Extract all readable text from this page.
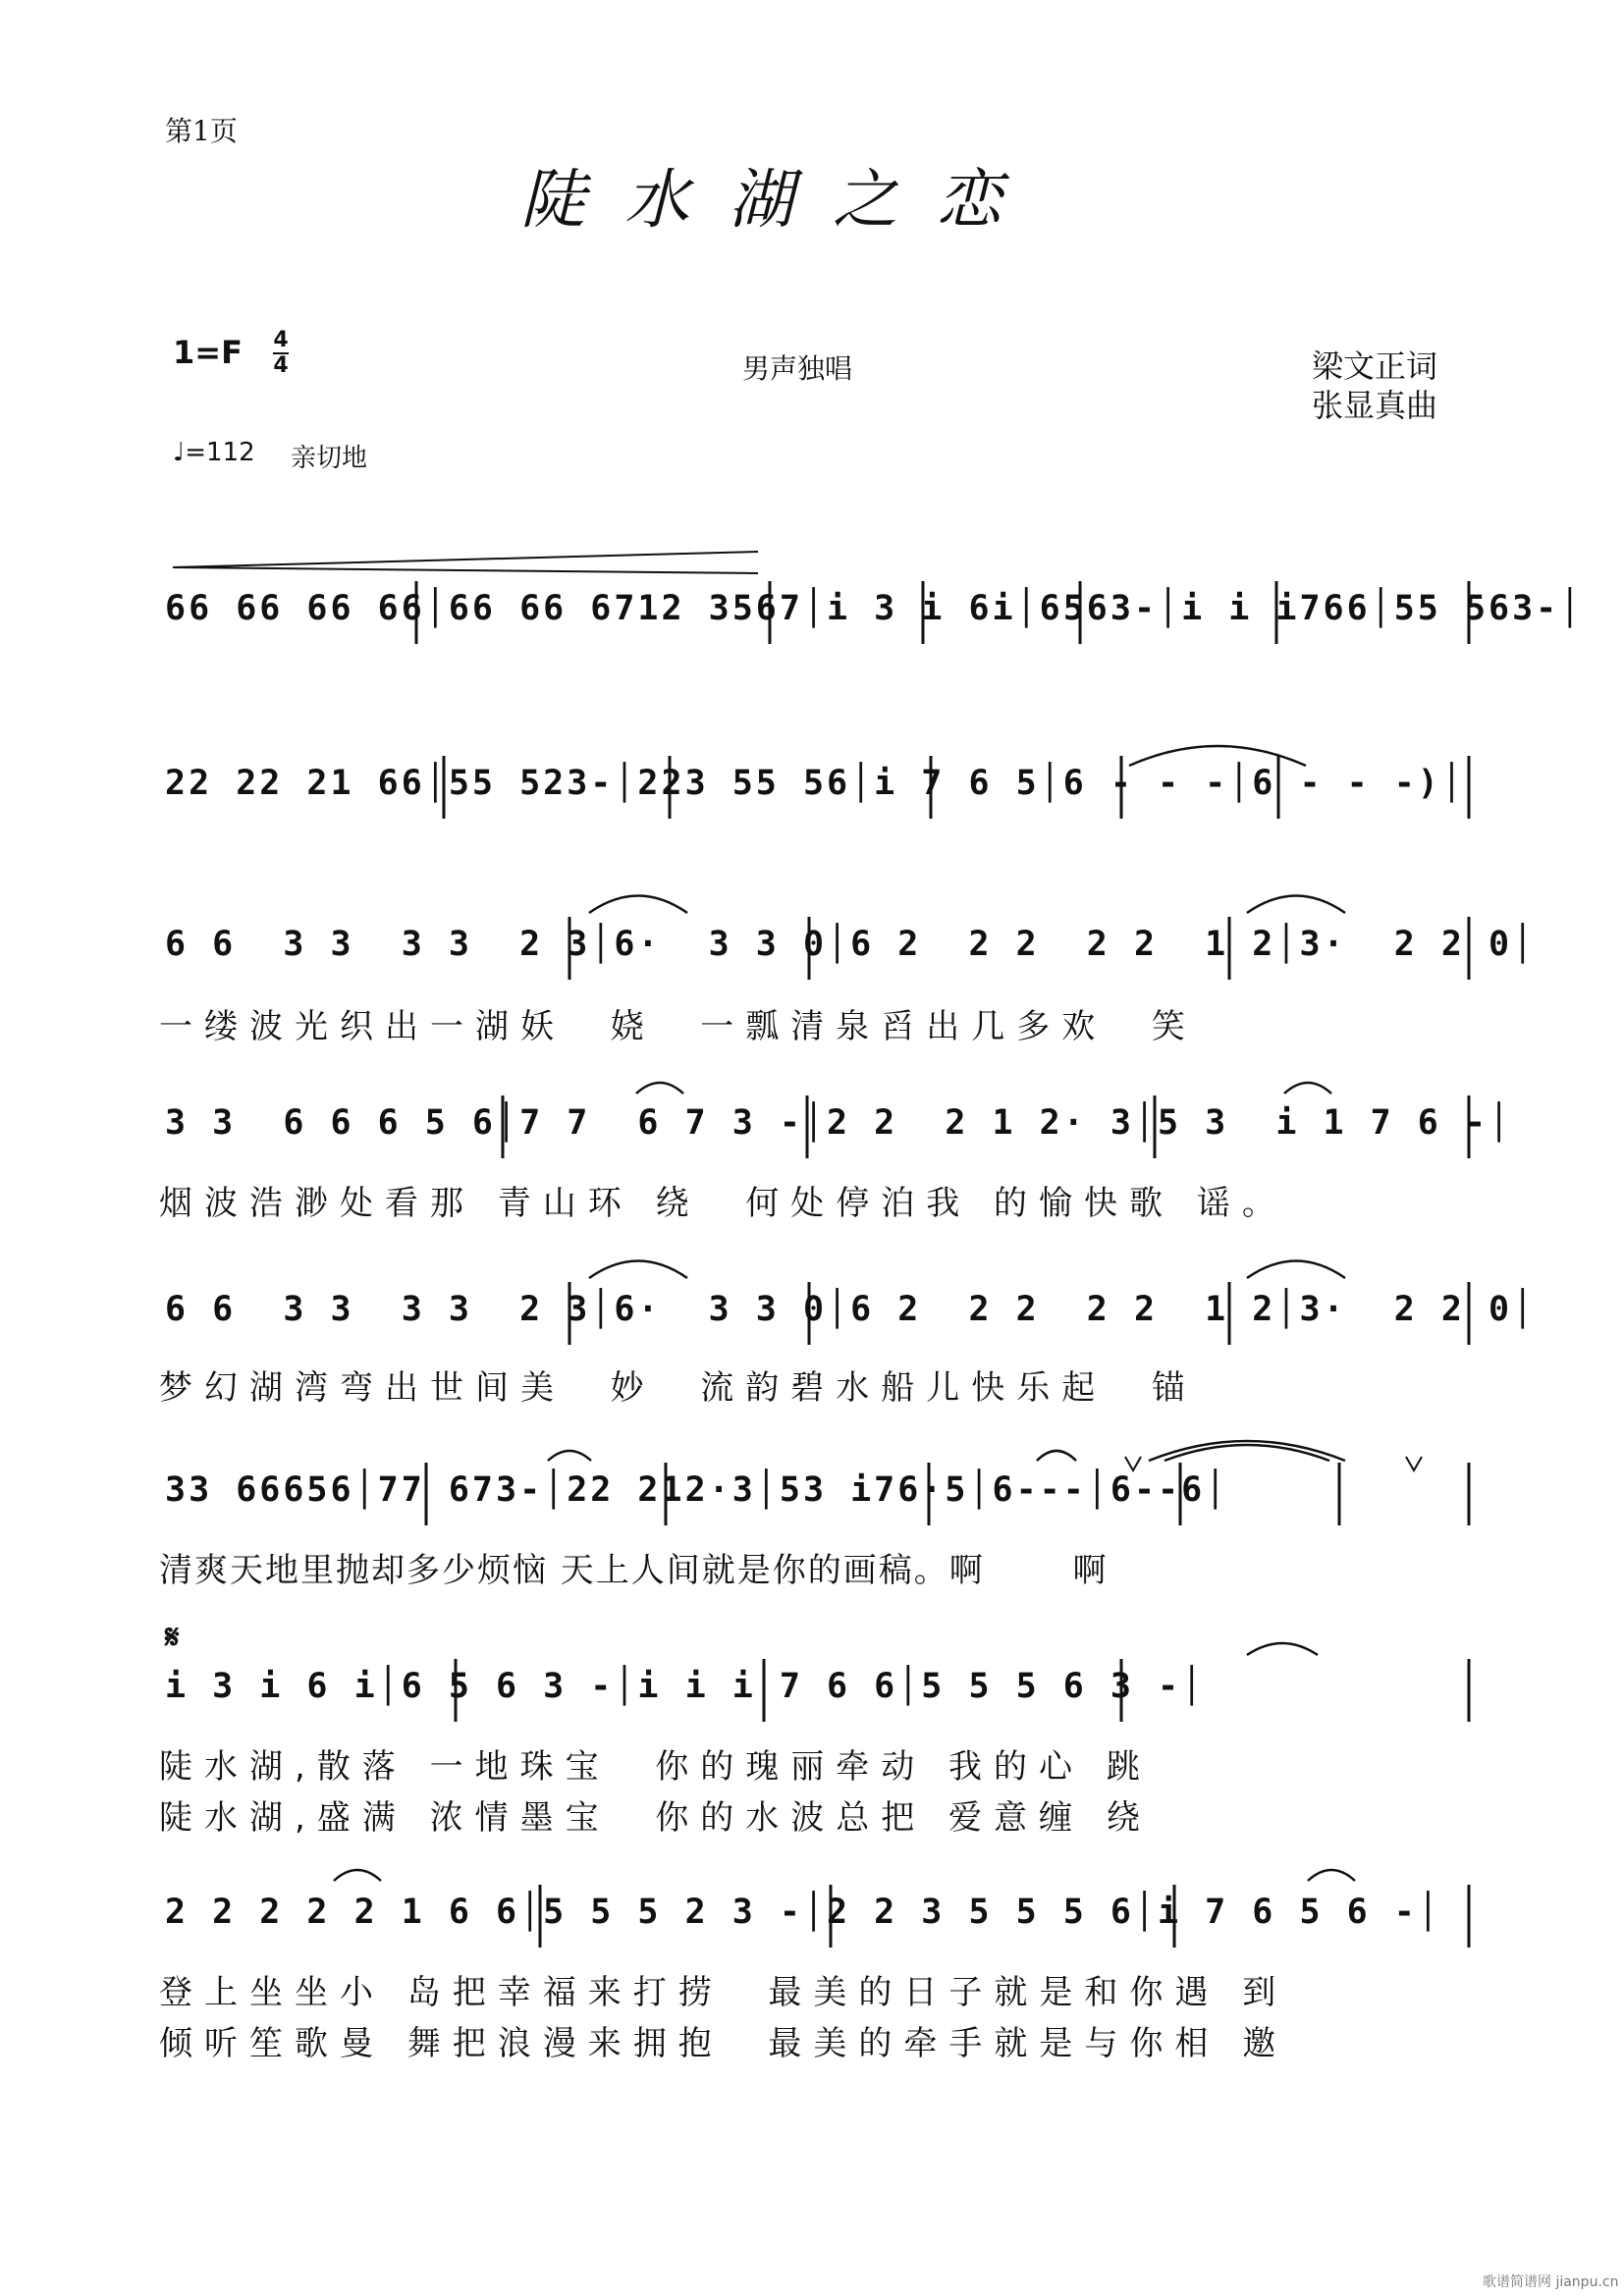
第1页
陡水湖之恋
1=F 4
4	男声独唱	梁文正词
张显真曲
♩=112 亲切地
66 66 66 66│66 66 6712 3567│i 3 i 6i│6563-│i i i766│55 563-│
22 22 21 66│55 523-│223 55 56│i 7 6 5│6 - - -│6 - - -)│
6 6  3 3  3 3  2 3│6·  3 3 0│6 2  2 2  2 2  1 2│3·  2 2 0│
一缕波光织出一湖妖  娆  一瓢清泉舀出几多欢  笑
3 3  6 6 6 5 6│7 7  6 7 3 -│2 2  2 1 2· 3│5 3  i 1 7 6 -│
烟波浩渺处看那 青山环 绕  何处停泊我 的愉快歌 谣。
6 6  3 3  3 3  2 3│6·  3 3 0│6 2  2 2  2 2  1 2│3·  2 2 0│
梦幻湖湾弯出世间美  妙  流韵碧水船儿快乐起  锚
33 66656│77 673-│22 212·3│53 i76·5│6---│6--6│
清爽天地里抛却多少烦恼 天上人间就是你的画稿。啊       啊
𝄋
i 3 i 6 i│6 5 6 3 -│i i i 7 6 6│5 5 5 6 3 -│
陡水湖,散落 一地珠宝  你的瑰丽牵动 我的心 跳
陡水湖,盛满 浓情墨宝  你的水波总把 爱意缠 绕
2 2 2 2 2 1 6 6│5 5 5 2 3 -│2 2 3 5 5 5 6│i 7 6 5 6 -│
登上坐坐小 岛把幸福来打捞  最美的日子就是和你遇 到
倾听笙歌曼 舞把浪漫来拥抱  最美的牵手就是与你相 邀
歌谱简谱网 jianpu.cn
